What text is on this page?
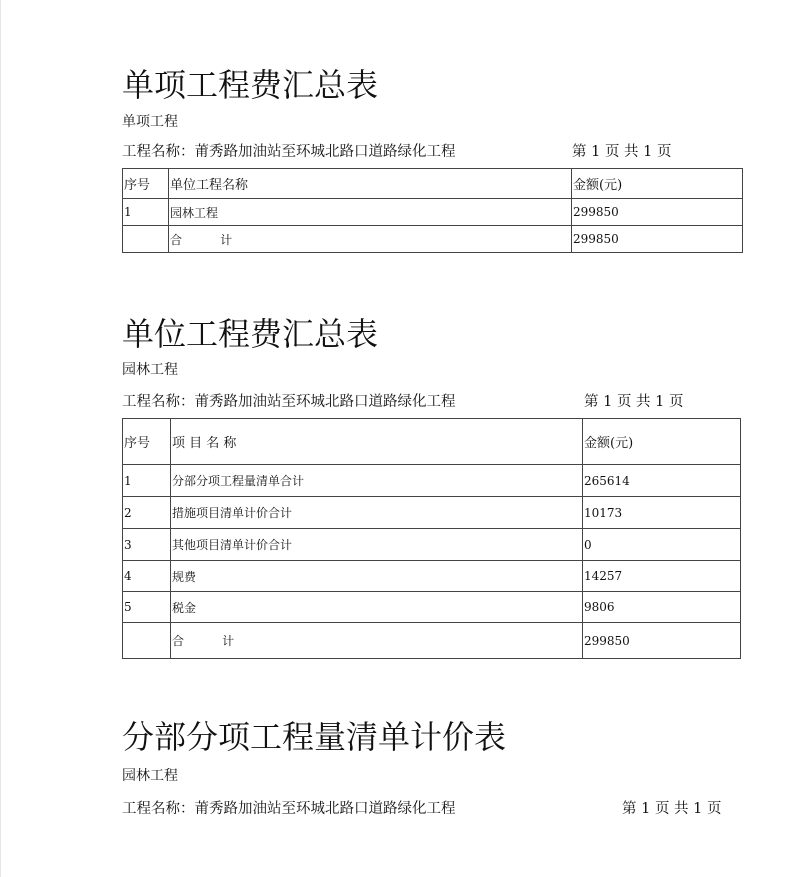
单项工程费汇总表
单项工程
工程名称：莆秀路加油站至环城北路口道路绿化工程	第 1 页 共 1 页
序号	单位工程名称	金额(元)
1	园林工程	299850
	合          计	299850
单位工程费汇总表
园林工程
工程名称：莆秀路加油站至环城北路口道路绿化工程	第 1 页 共 1 页
序号	项 目 名 称	金额(元)
1	分部分项工程量清单合计	265614
2	措施项目清单计价合计	10173
3	其他项目清单计价合计	0
4	规费	14257
5	税金	9806
	合          计	299850
分部分项工程量清单计价表
园林工程
工程名称：莆秀路加油站至环城北路口道路绿化工程	第 1 页 共 1 页
